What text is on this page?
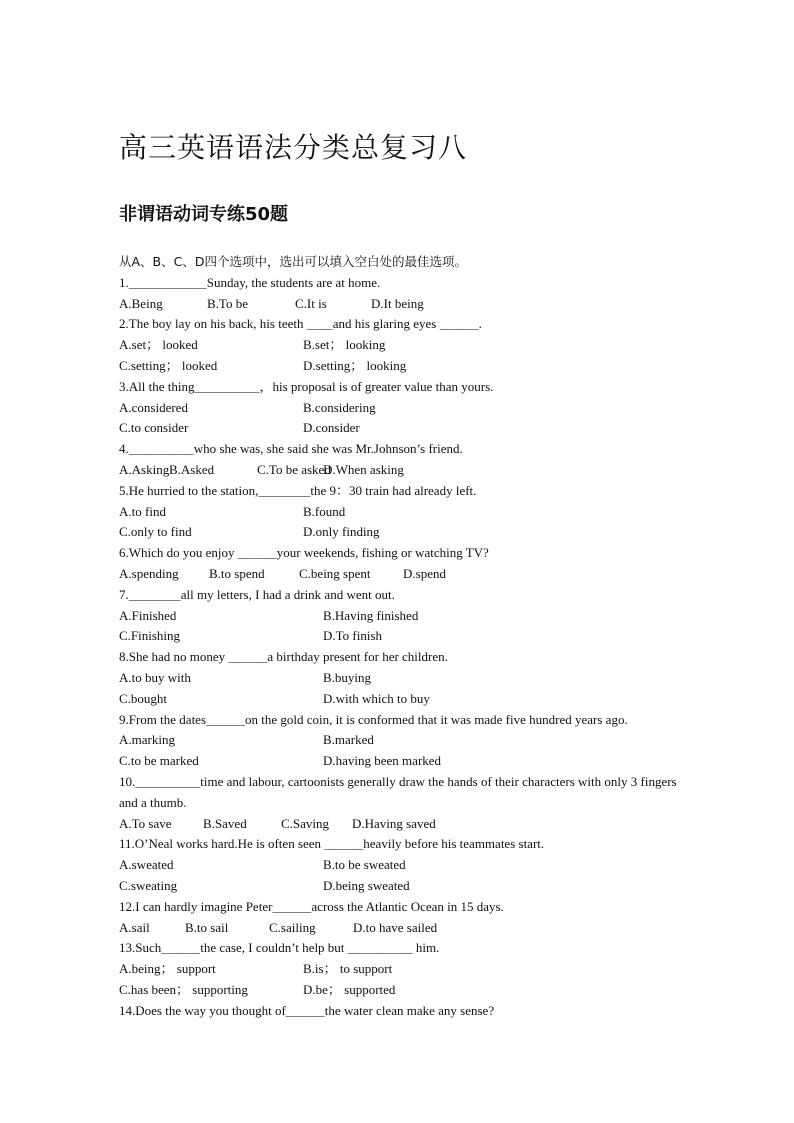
高三英语语法分类总复习八
非谓语动词专练50题
从A、B、C、D四个选项中，选出可以填入空白处的最佳选项。
1.＿＿＿＿＿＿Sunday, the students are at home.
A.Being	B.To be	C.It is	D.It being
2.The boy lay on his back, his teeth ＿＿and his glaring eyes ＿＿＿.
A.set； looked	B.set； looking
C.setting； looked	D.setting； looking
3.All the thing＿＿＿＿＿，his proposal is of greater value than yours.
A.considered	B.considering
C.to consider	D.consider
4.＿＿＿＿＿who she was, she said she was Mr.Johnson’s friend.
A.Asking B.Asked	C.To be asked
D.When asking
5.He hurried to the station,＿＿＿＿the 9：30 train had already left.
A.to find	B.found
C.only to find	D.only finding
6.Which do you enjoy ＿＿＿your weekends, fishing or watching TV?
A.spending B.to spend	C.being spent	D.spend
7.＿＿＿＿all my letters, I had a drink and went out.
A.Finished	B.Having finished
C.Finishing	D.To finish
8.She had no money ＿＿＿a birthday present for her children.
A.to buy with	B.buying
C.bought	D.with which to buy
9.From the dates＿＿＿on the gold coin, it is conformed that it was made five hundred years ago.
A.marking	B.marked
C.to be marked	D.having been marked
10.＿＿＿＿＿time and labour, cartoonists generally draw the hands of their characters with only 3 fingers and a thumb.
A.To save B.Saved	C.Saving D.Having saved
11.O’Neal works hard.He is often seen ＿＿＿heavily before his teammates start.
A.sweated	B.to be sweated
C.sweating	D.being sweated
12.I can hardly imagine Peter＿＿＿across the Atlantic Ocean in 15 days.
A.sail	B.to sail	C.sailing	D.to have sailed
13.Such＿＿＿the case, I couldn’t help but ＿＿＿＿＿ him.
A.being； support	B.is； to support
C.has been； supporting	D.be； supported
14.Does the way you thought of＿＿＿the water clean make any sense?
